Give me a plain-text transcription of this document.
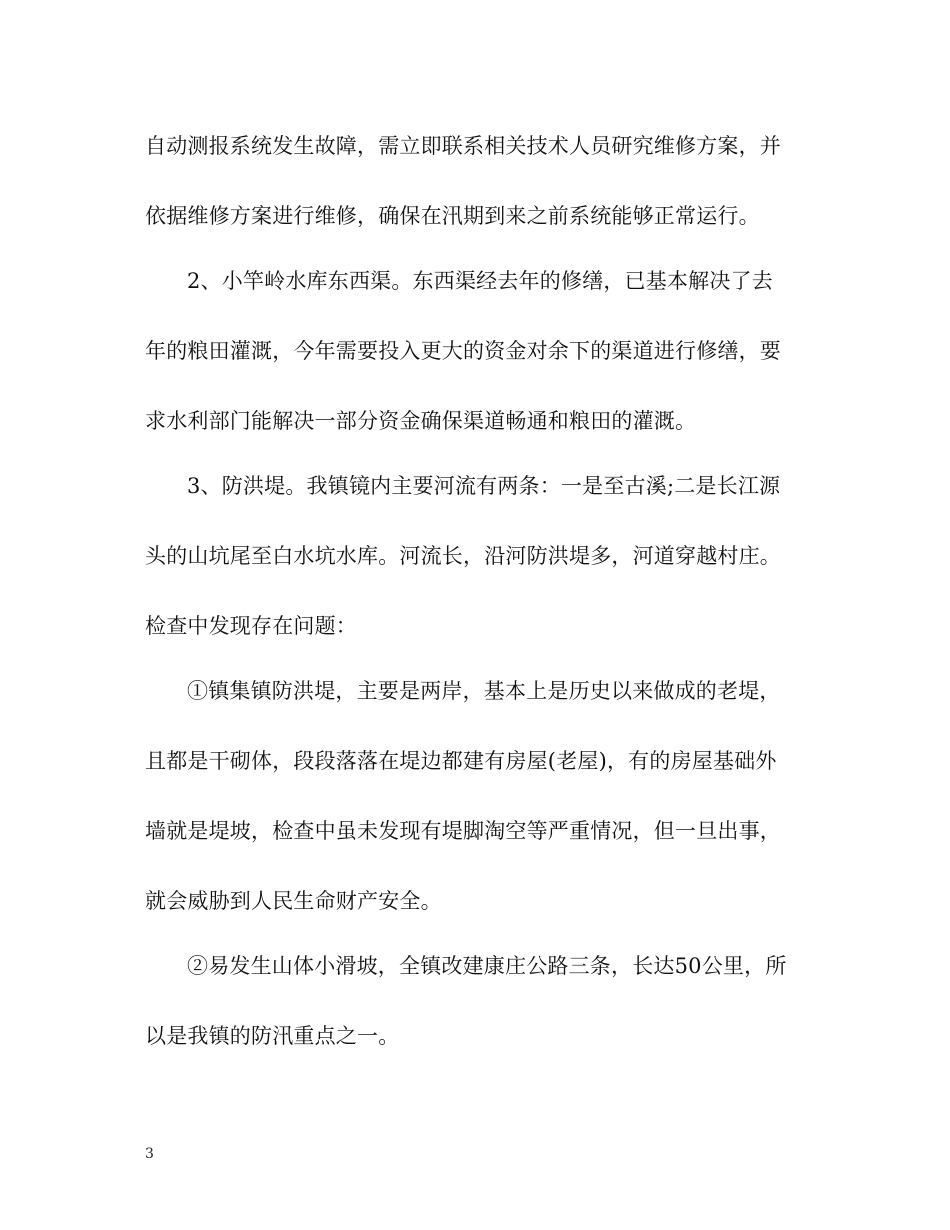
自动测报系统发生故障，需立即联系相关技术人员研究维修方案，并
依据维修方案进行维修，确保在汛期到来之前系统能够正常运行。
2、小竿岭水库东西渠。东西渠经去年的修缮，已基本解决了去
年的粮田灌溉，今年需要投入更大的资金对余下的渠道进行修缮，要
求水利部门能解决一部分资金确保渠道畅通和粮田的灌溉。
3、防洪堤。我镇镜内主要河流有两条：一是至古溪;二是长江源
头的山坑尾至白水坑水库。河流长，沿河防洪堤多，河道穿越村庄。
检查中发现存在问题：
①镇集镇防洪堤，主要是两岸，基本上是历史以来做成的老堤，
且都是干砌体，段段落落在堤边都建有房屋(老屋)，有的房屋基础外
墙就是堤坡，检查中虽未发现有堤脚淘空等严重情况，但一旦出事，
就会威胁到人民生命财产安全。
②易发生山体小滑坡，全镇改建康庄公路三条，长达50公里，所
以是我镇的防汛重点之一。
3
